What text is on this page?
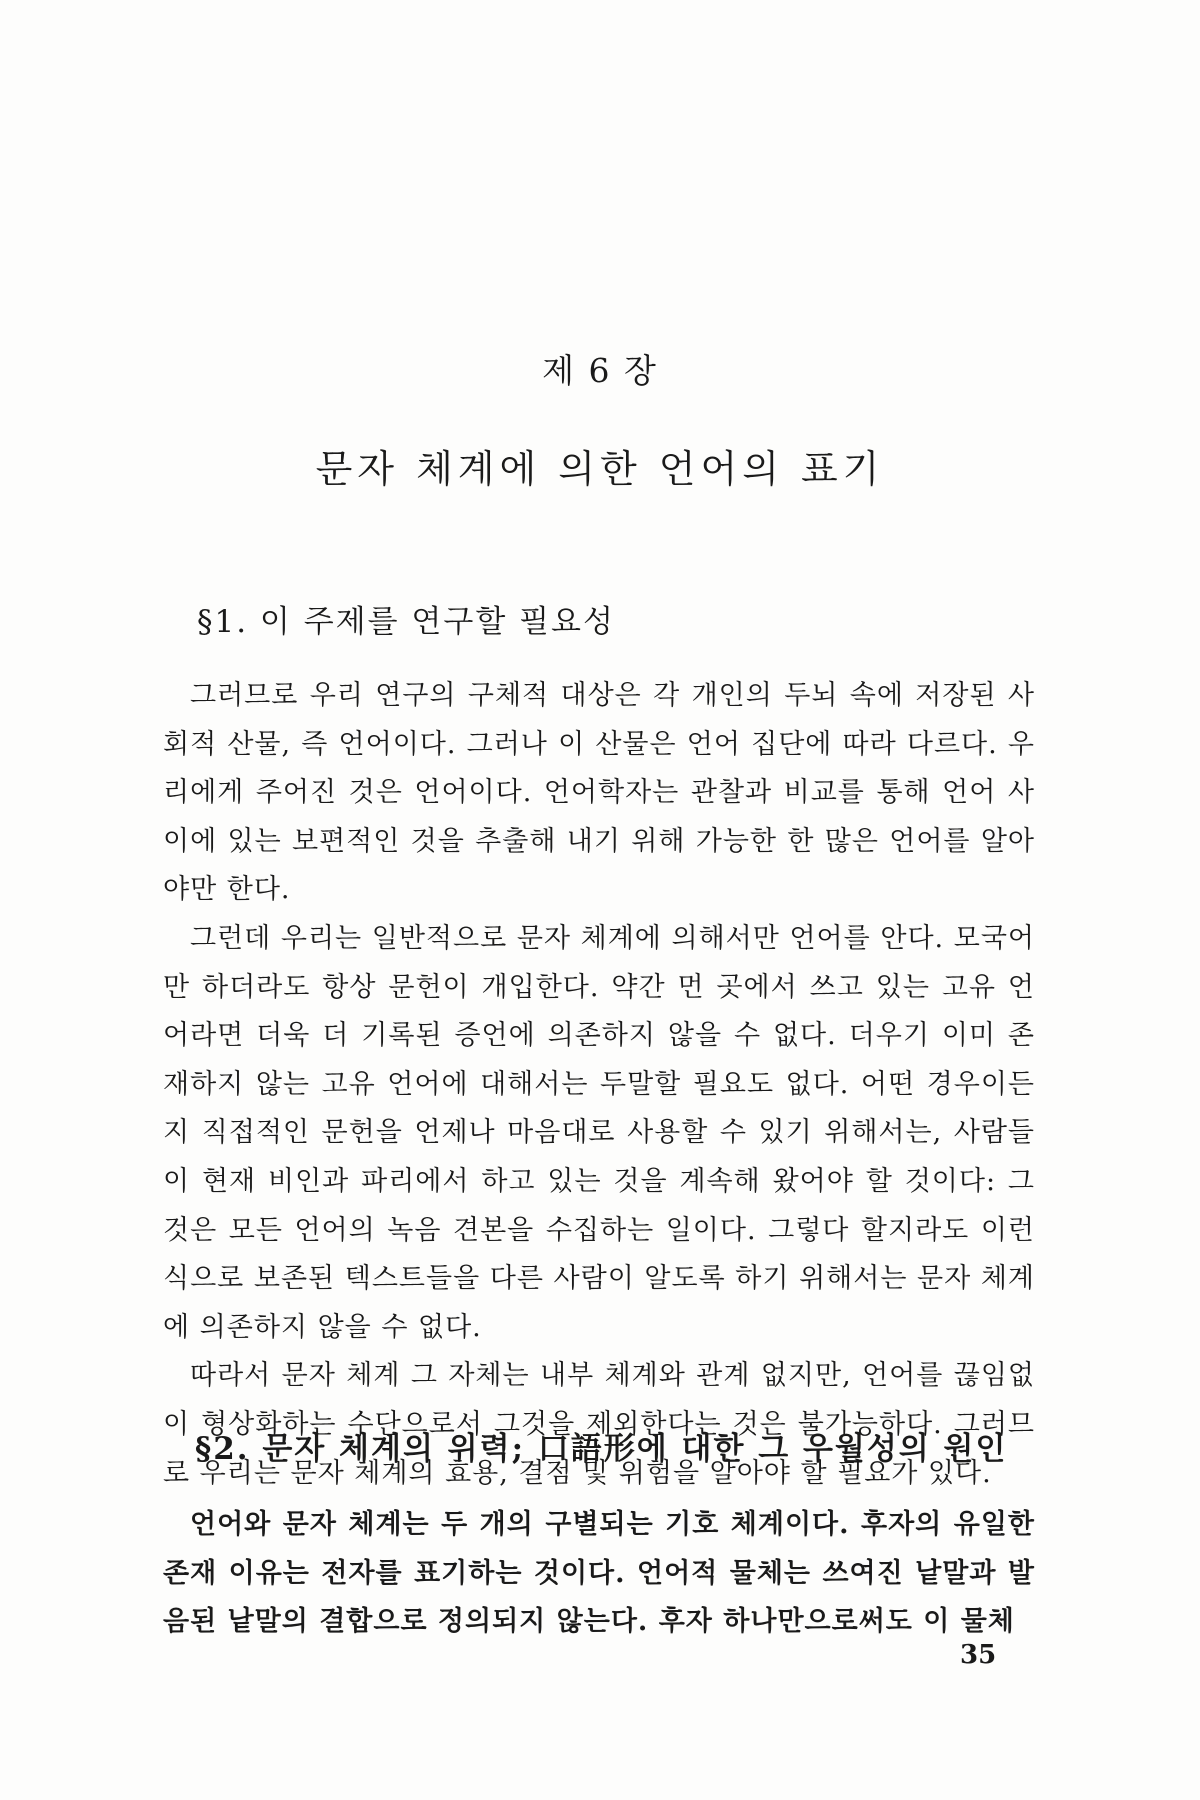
제 6 장
문자 체계에 의한 언어의 표기
§1. 이 주제를 연구할 필요성

그러므로 우리 연구의 구체적 대상은 각 개인의 두뇌 속에 저장된 사회적 산물, 즉 언어이다. 그러나 이 산물은 언어 집단에 따라 다르다. 우리에게 주어진 것은 언어이다. 언어학자는 관찰과 비교를 통해 언어 사이에 있는 보편적인 것을 추출해 내기 위해 가능한 한 많은 언어를 알아야만 한다.

그런데 우리는 일반적으로 문자 체계에 의해서만 언어를 안다. 모국어만 하더라도 항상 문헌이 개입한다. 약간 먼 곳에서 쓰고 있는 고유 언어라면 더욱 더 기록된 증언에 의존하지 않을 수 없다. 더우기 이미 존재하지 않는 고유 언어에 대해서는 두말할 필요도 없다. 어떤 경우이든지 직접적인 문헌을 언제나 마음대로 사용할 수 있기 위해서는, 사람들이 현재 비인과 파리에서 하고 있는 것을 계속해 왔어야 할 것이다: 그것은 모든 언어의 녹음 견본을 수집하는 일이다. 그렇다 할지라도 이런 식으로 보존된 텍스트들을 다른 사람이 알도록 하기 위해서는 문자 체계에 의존하지 않을 수 없다.

따라서 문자 체계 그 자체는 내부 체계와 관계 없지만, 언어를 끊임없이 형상화하는 수단으로서 그것을 제외한다는 것은 불가능하다. 그러므로 우리는 문자 체계의 효용, 결점 및 위험을 알아야 할 필요가 있다.

§2. 문자 체계의 위력; 口語形에 대한 그 우월성의 원인

언어와 문자 체계는 두 개의 구별되는 기호 체계이다. 후자의 유일한 존재 이유는 전자를 표기하는 것이다. 언어적 물체는 쓰여진 낱말과 발음된 낱말의 결합으로 정의되지 않는다. 후자 하나만으로써도 이 물체

35
